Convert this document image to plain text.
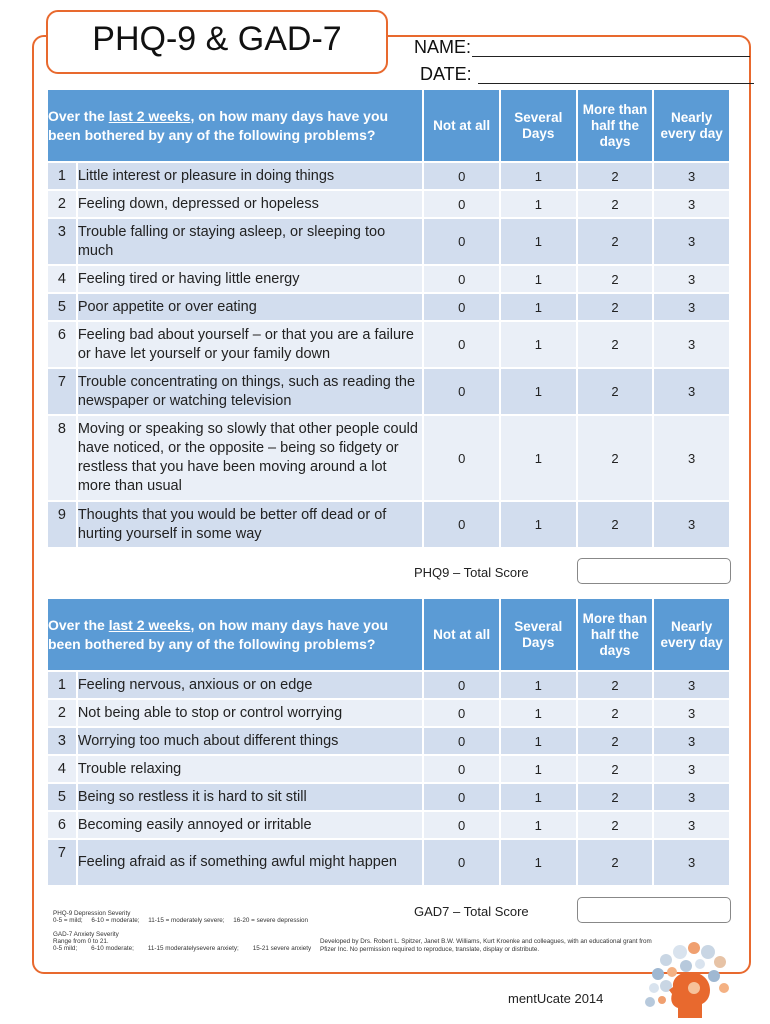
PHQ-9 & GAD-7	NAME:
DATE:
Over the last 2 weeks, on how many days have you been bothered by any of the following problems?		Not at all	Several Days	More than half the days	Nearly every day
1	Little interest or pleasure in doing things	0	1	2	3
2	Feeling down, depressed or hopeless	0	1	2	3
3	Trouble falling or staying asleep, or sleeping too much	0	1	2	3
4	Feeling tired or having little energy	0	1	2	3
5	Poor appetite or over eating	0	1	2	3
6	Feeling bad about yourself – or that you are a failure or have let yourself or your family down	0	1	2	3
7	Trouble concentrating on things, such as reading the newspaper or watching television	0	1	2	3
8	Moving or speaking so slowly that other people could have noticed, or the opposite – being so fidgety or restless that you have been moving around a lot more than usual	0	1	2	3
9	Thoughts that you would be better off dead or of hurting yourself in some way	0	1	2	3
PHQ9 – Total Score
Over the last 2 weeks, on how many days have you been bothered by any of the following problems?		Not at all	Several Days	More than half the days	Nearly every day
1	Feeling nervous, anxious or on edge	0	1	2	3
2	Not being able to stop or control worrying	0	1	2	3
3	Worrying too much about different things	0	1	2	3
4	Trouble relaxing	0	1	2	3
5	Being so restless it is hard to sit still	0	1	2	3
6	Becoming easily annoyed or irritable	0	1	2	3
7	Feeling afraid as if something awful might happen	0	1	2	3
GAD7 – Total Score
PHQ-9 Depression Severity
0-5 = mild;     6-10 = moderate;     11-15 = moderately severe;     16-20 = severe depression
GAD-7 Anxiety Severity
Range from 0 to 21.
0-5 mild;        6-10 moderate;        11-15 moderatelysevere anxiety;        15-21 severe anxiety
Developed by Drs. Robert L. Spitzer, Janet B.W. Williams, Kurt Kroenke and colleagues, with an educational grant from Pfizer Inc. No permission required to reproduce, translate, display or distribute.
mentUcate 2014
